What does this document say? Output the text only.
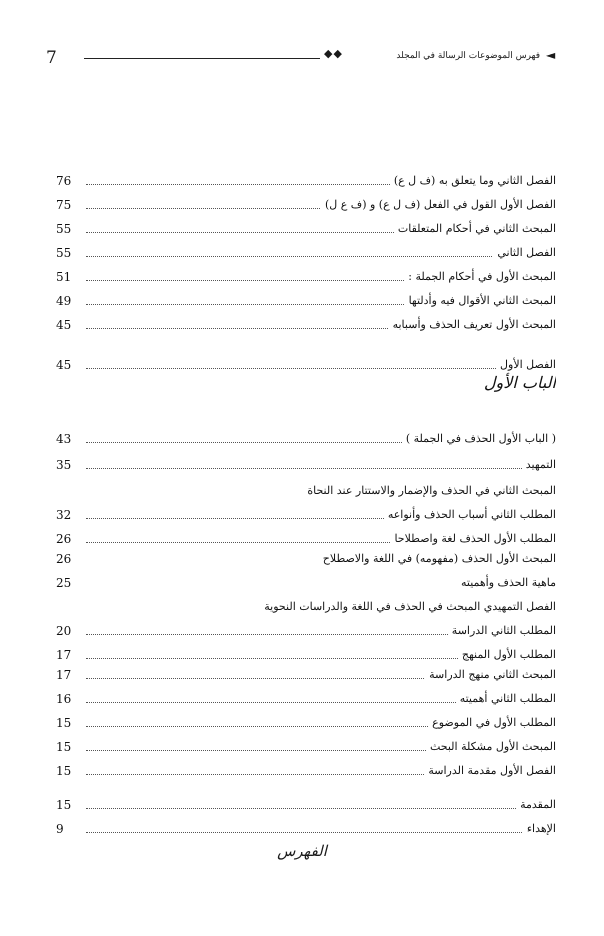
7	◆◆	ﻓﻬﺮﺱ ﺍﻟﻤﻮﺿﻮﻋﺎﺕ ﺍﻟﺮﺳﺎﻟﺔ ﻓﻲ ﺍﻟﻤﺠﻠﺪ ◄
76	ﺍﻟﻔﺼﻞ ﺍﻟﺜﺎﻧﻲ ﻭﻣﺎ ﻳﺘﻌﻠﻖ ﺑﻪ (ﻑ ﻝ ﻉ)
75	ﺍﻟﻔﺼﻞ ﺍﻷﻭﻝ ﺍﻟﻘﻮﻝ ﻓﻲ ﺍﻟﻔﻌﻞ (ﻑ ﻝ ﻉ) ﻭ (ﻑ ﻉ ﻝ)
55	ﺍﻟﻤﺒﺤﺚ ﺍﻟﺜﺎﻧﻲ ﻓﻲ ﺃﺣﻜﺎﻡ ﺍﻟﻤﺘﻌﻠﻘﺎﺕ
55	ﺍﻟﻔﺼﻞ ﺍﻟﺜﺎﻧﻲ
51	ﺍﻟﻤﺒﺤﺚ ﺍﻷﻭﻝ ﻓﻲ ﺃﺣﻜﺎﻡ ﺍﻟﺠﻤﻠﺔ :
49	ﺍﻟﻤﺒﺤﺚ ﺍﻟﺜﺎﻧﻲ ﺍﻷﻗﻮﺍﻝ ﻓﻴﻪ ﻭﺃﺩﻟﺘﻬﺎ
45	ﺍﻟﻤﺒﺤﺚ ﺍﻷﻭﻝ ﺗﻌﺮﻳﻒ ﺍﻟﺤﺬﻑ ﻭﺃﺳﺒﺎﺑﻪ
45	ﺍﻟﻔﺼﻞ ﺍﻷﻭﻝ
43	( ﺍﻟﺒﺎﺏ ﺍﻷﻭﻝ ﺍﻟﺤﺬﻑ ﻓﻲ ﺍﻟﺠﻤﻠﺔ )
35	ﺍﻟﺘﻤﻬﻴﺪ
ﺍﻟﻤﺒﺤﺚ ﺍﻟﺜﺎﻧﻲ ﻓﻲ ﺍﻟﺤﺬﻑ ﻭﺍﻹﺿﻤﺎﺭ ﻭﺍﻻﺳﺘﺘﺎﺭ ﻋﻨﺪ ﺍﻟﻨﺤﺎﺓ
32	ﺍﻟﻤﻄﻠﺐ ﺍﻟﺜﺎﻧﻲ ﺃﺳﺒﺎﺏ ﺍﻟﺤﺬﻑ ﻭﺃﻧﻮﺍﻋﻪ
26	ﺍﻟﻤﻄﻠﺐ ﺍﻷﻭﻝ ﺍﻟﺤﺬﻑ ﻟﻐﺔ ﻭﺍﺻﻄﻼﺣﺎ
26	ﺍﻟﻤﺒﺤﺚ ﺍﻷﻭﻝ ﺍﻟﺤﺬﻑ (ﻣﻔﻬﻮﻣﻪ) ﻓﻲ ﺍﻟﻠﻐﺔ ﻭﺍﻻﺻﻄﻼﺡ
25	ﻣﺎﻫﻴﺔ ﺍﻟﺤﺬﻑ ﻭﺃﻫﻤﻴﺘﻪ
ﺍﻟﻔﺼﻞ ﺍﻟﺘﻤﻬﻴﺪﻱ ﺍﻟﻤﺒﺤﺚ ﻓﻲ ﺍﻟﺤﺬﻑ ﻓﻲ ﺍﻟﻠﻐﺔ ﻭﺍﻟﺪﺭﺍﺳﺎﺕ ﺍﻟﻨﺤﻮﻳﺔ
20	ﺍﻟﻤﻄﻠﺐ ﺍﻟﺜﺎﻧﻲ ﺍﻟﺪﺭﺍﺳﺔ
17	ﺍﻟﻤﻄﻠﺐ ﺍﻷﻭﻝ ﺍﻟﻤﻨﻬﺞ
17	ﺍﻟﻤﺒﺤﺚ ﺍﻟﺜﺎﻧﻲ ﻣﻨﻬﺞ ﺍﻟﺪﺭﺍﺳﺔ
16	ﺍﻟﻤﻄﻠﺐ ﺍﻟﺜﺎﻧﻲ ﺃﻫﻤﻴﺘﻪ
15	ﺍﻟﻤﻄﻠﺐ ﺍﻷﻭﻝ ﻓﻲ ﺍﻟﻤﻮﺿﻮﻉ
15	ﺍﻟﻤﺒﺤﺚ ﺍﻷﻭﻝ ﻣﺸﻜﻠﺔ ﺍﻟﺒﺤﺚ
15	ﺍﻟﻔﺼﻞ ﺍﻷﻭﻝ ﻣﻘﺪﻣﺔ ﺍﻟﺪﺭﺍﺳﺔ
15	ﺍﻟﻤﻘﺪﻣﺔ
9	ﺍﻹﻫﺪﺍﺀ
ﺍﻟﺒﺎﺏ ﺍﻷﻭﻝ
ﺍﻟﻔﻬﺮﺱ
